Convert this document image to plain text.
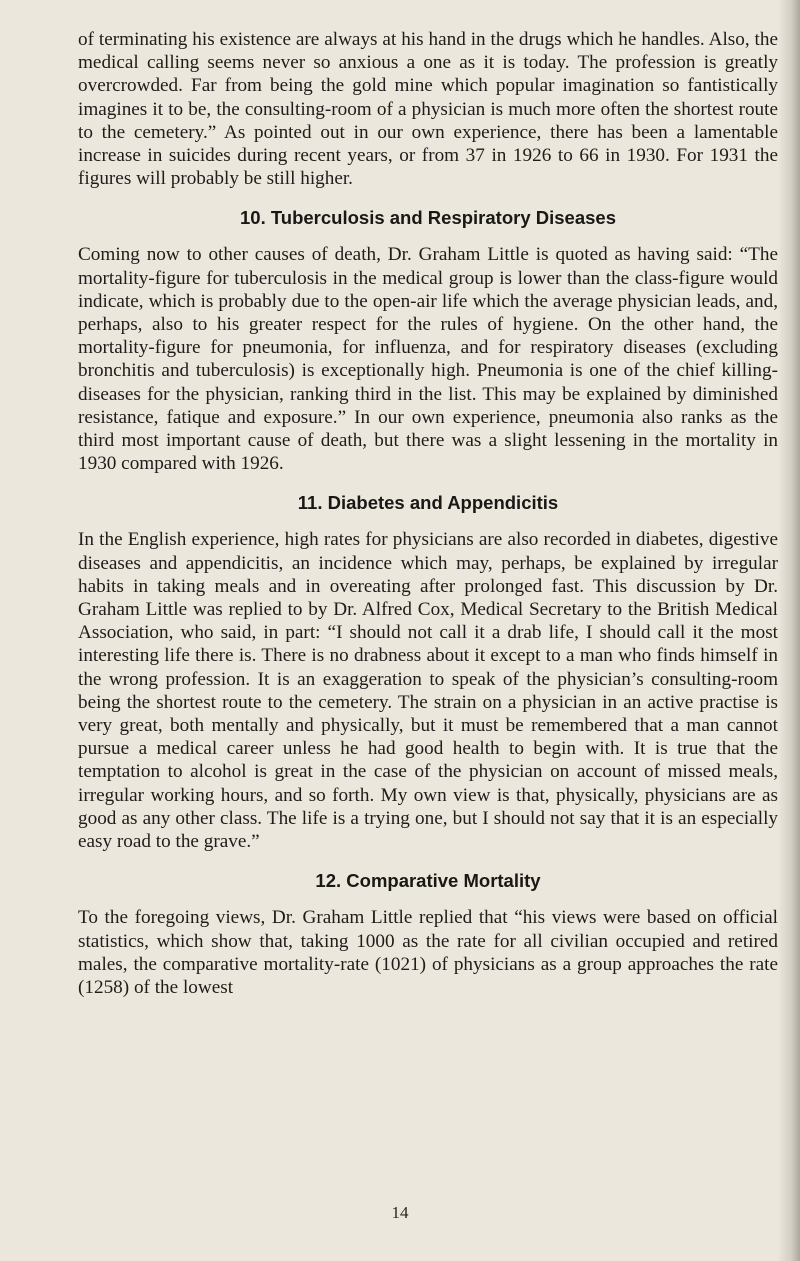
of terminating his existence are always at his hand in the drugs which he handles. Also, the medical calling seems never so anxious a one as it is today. The profession is greatly overcrowded. Far from being the gold mine which popular imagination so fantistically imagines it to be, the consulting-room of a physician is much more often the shortest route to the cemetery.” As pointed out in our own experience, there has been a lamentable increase in suicides during recent years, or from 37 in 1926 to 66 in 1930. For 1931 the figures will probably be still higher.

10. Tuberculosis and Respiratory Diseases

Coming now to other causes of death, Dr. Graham Little is quoted as having said: “The mortality-figure for tuberculosis in the medical group is lower than the class-figure would indicate, which is probably due to the open-air life which the average physician leads, and, perhaps, also to his greater respect for the rules of hygiene. On the other hand, the mortality-figure for pneumonia, for influenza, and for respiratory diseases (excluding bronchitis and tuberculosis) is exceptionally high. Pneumonia is one of the chief killing-diseases for the physician, ranking third in the list. This may be explained by diminished resistance, fatique and exposure.” In our own experience, pneumonia also ranks as the third most important cause of death, but there was a slight lessening in the mortality in 1930 compared with 1926.

11. Diabetes and Appendicitis

In the English experience, high rates for physicians are also recorded in diabetes, digestive diseases and appendicitis, an incidence which may, perhaps, be explained by irregular habits in taking meals and in overeating after prolonged fast. This discussion by Dr. Graham Little was replied to by Dr. Alfred Cox, Medical Secretary to the British Medical Association, who said, in part: “I should not call it a drab life, I should call it the most interesting life there is. There is no drabness about it except to a man who finds himself in the wrong profession. It is an exaggeration to speak of the physician’s consulting-room being the shortest route to the cemetery. The strain on a physician in an active practise is very great, both mentally and physically, but it must be remembered that a man cannot pursue a medical career unless he had good health to begin with. It is true that the temptation to alcohol is great in the case of the physician on account of missed meals, irregular working hours, and so forth. My own view is that, physically, physicians are as good as any other class. The life is a trying one, but I should not say that it is an especially easy road to the grave.”

12. Comparative Mortality

To the foregoing views, Dr. Graham Little replied that “his views were based on official statistics, which show that, taking 1000 as the rate for all civilian occupied and retired males, the comparative mortality-rate (1021) of physicians as a group approaches the rate (1258) of the lowest

14
